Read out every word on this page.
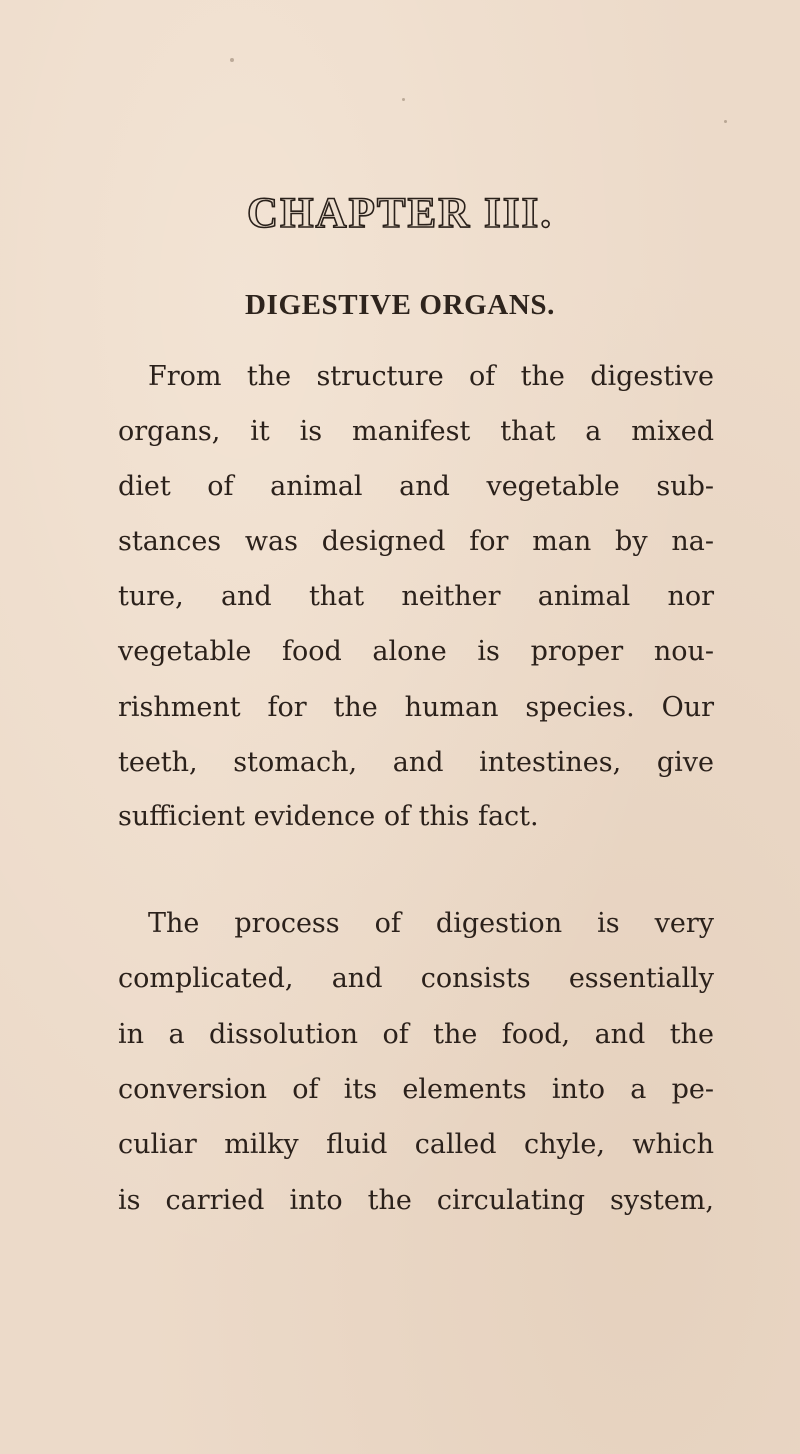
CHAPTER III.
DIGESTIVE ORGANS.

From the structure of the digestive

organs, it is manifest that a mixed

diet of animal and vegetable sub-

stances was designed for man by na-

ture, and that neither animal nor

vegetable food alone is proper nou-

rishment for the human species. Our

teeth, stomach, and intestines, give

sufficient evidence of this fact.

The process of digestion is very

complicated, and consists essentially

in a dissolution of the food, and the

conversion of its elements into a pe-

culiar milky fluid called chyle, which

is carried into the circulating system,
